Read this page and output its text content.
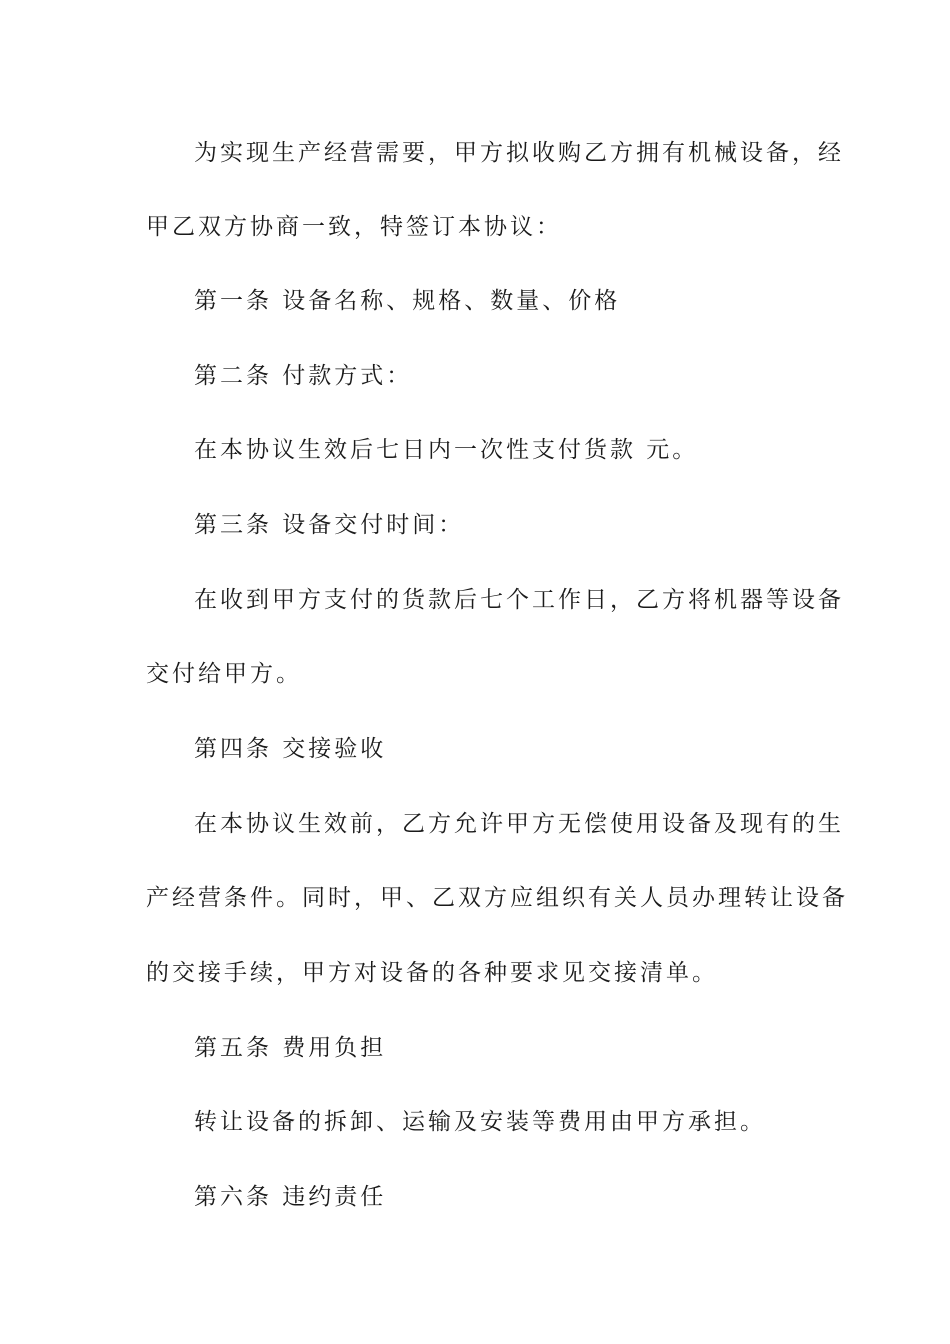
为实现生产经营需要，甲方拟收购乙方拥有机械设备，经

甲乙双方协商一致，特签订本协议：

第一条 设备名称、规格、数量、价格

第二条 付款方式：

在本协议生效后七日内一次性支付货款 元。

第三条 设备交付时间：

在收到甲方支付的货款后七个工作日，乙方将机器等设备

交付给甲方。

第四条 交接验收

在本协议生效前，乙方允许甲方无偿使用设备及现有的生

产经营条件。同时，甲、乙双方应组织有关人员办理转让设备

的交接手续，甲方对设备的各种要求见交接清单。

第五条 费用负担

转让设备的拆卸、运输及安装等费用由甲方承担。

第六条 违约责任
